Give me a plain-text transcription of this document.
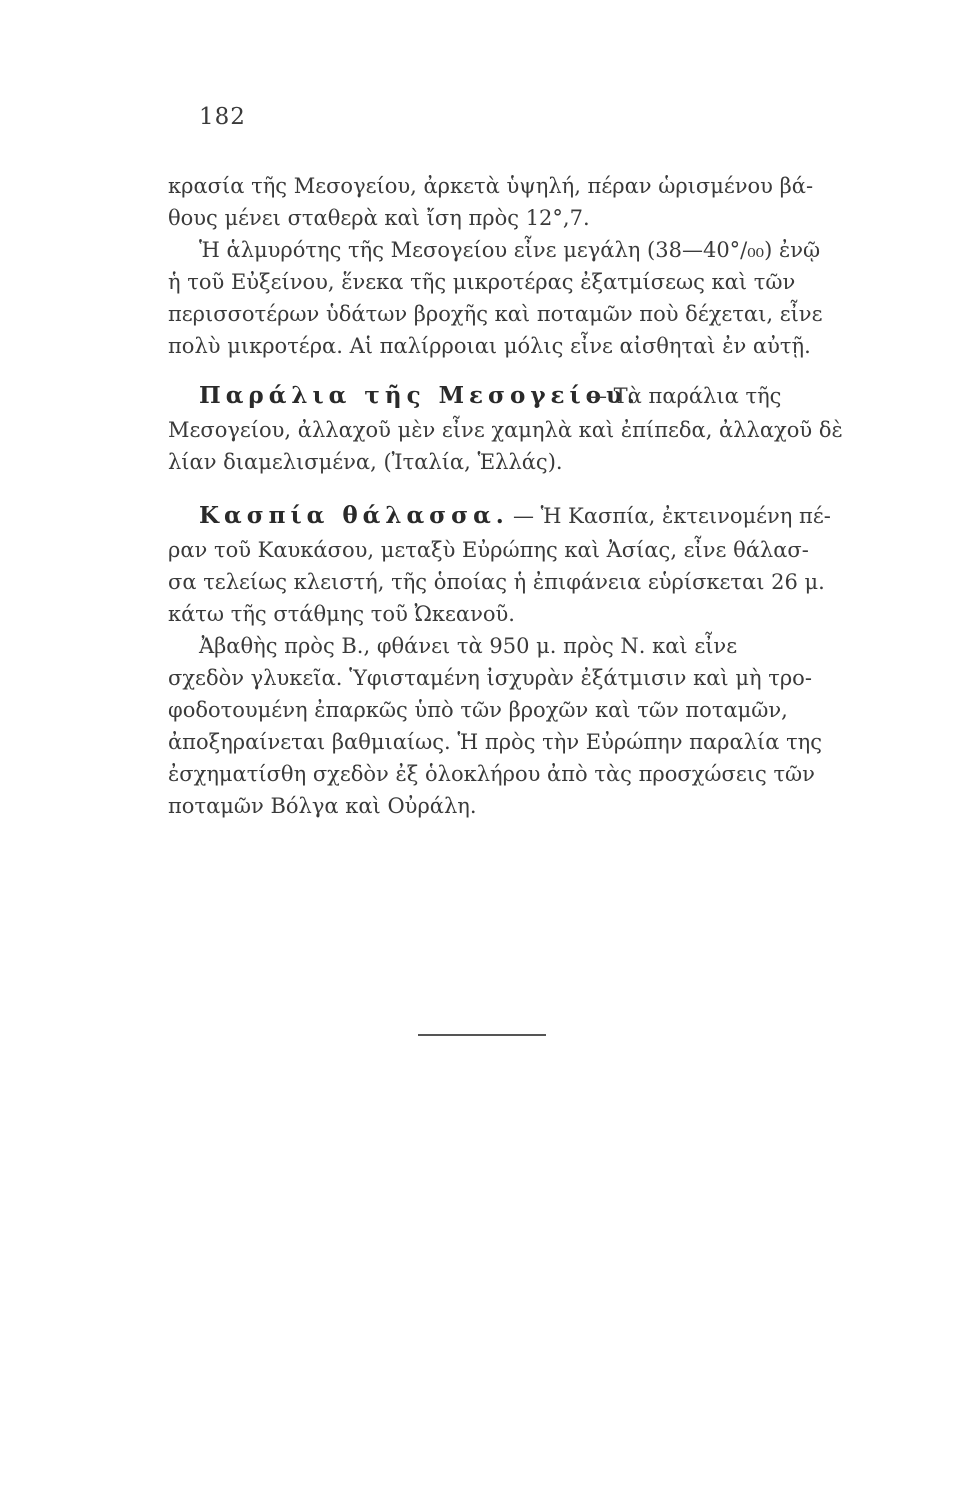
182
κρασία τῆς Μεσογείου, ἀρκετὰ ὑψηλή, πέραν ὡρισμένου βά-
θους μένει σταθερὰ καὶ ἴση πρὸς 12°,7.
Ἡ ἁλμυρότης τῆς Μεσογείου εἶνε μεγάλη (38—40°/₀₀) ἐνῷ
ἡ τοῦ Εὐξείνου, ἕνεκα τῆς μικροτέρας ἐξατμίσεως καὶ τῶν
περισσοτέρων ὑδάτων βροχῆς καὶ ποταμῶν ποὺ δέχεται, εἶνε
πολὺ μικροτέρα. Αἱ παλίρροιαι μόλις εἶνε αἰσθηταὶ ἐν αὐτῇ.
Παράλια τῆς Μεσογείου.
— Τὰ παράλια τῆς
Μεσογείου, ἀλλαχοῦ μὲν εἶνε χαμηλὰ καὶ ἐπίπεδα, ἀλλαχοῦ δὲ
λίαν διαμελισμένα, (Ἰταλία, Ἑλλάς).
Κασπία θάλασσα. — Ἡ Κασπία, ἐκτεινομένη πέ-
ραν τοῦ Καυκάσου, μεταξὺ Εὐρώπης καὶ Ἀσίας, εἶνε θάλασ-
σα τελείως κλειστή, τῆς ὁποίας ἡ ἐπιφάνεια εὑρίσκεται 26 μ.
κάτω τῆς στάθμης τοῦ Ὠκεανοῦ.
Ἀβαθὴς πρὸς Β., φθάνει τὰ 950 μ. πρὸς Ν. καὶ εἶνε
σχεδὸν γλυκεῖα. Ὑφισταμένη ἰσχυρὰν ἐξάτμισιν καὶ μὴ τρο-
φοδοτουμένη ἐπαρκῶς ὑπὸ τῶν βροχῶν καὶ τῶν ποταμῶν,
ἀποξηραίνεται βαθμιαίως. Ἡ πρὸς τὴν Εὐρώπην παραλία της
ἐσχηματίσθη σχεδὸν ἐξ ὁλοκλήρου ἀπὸ τὰς προσχώσεις τῶν
ποταμῶν Βόλγα καὶ Οὐράλη.
